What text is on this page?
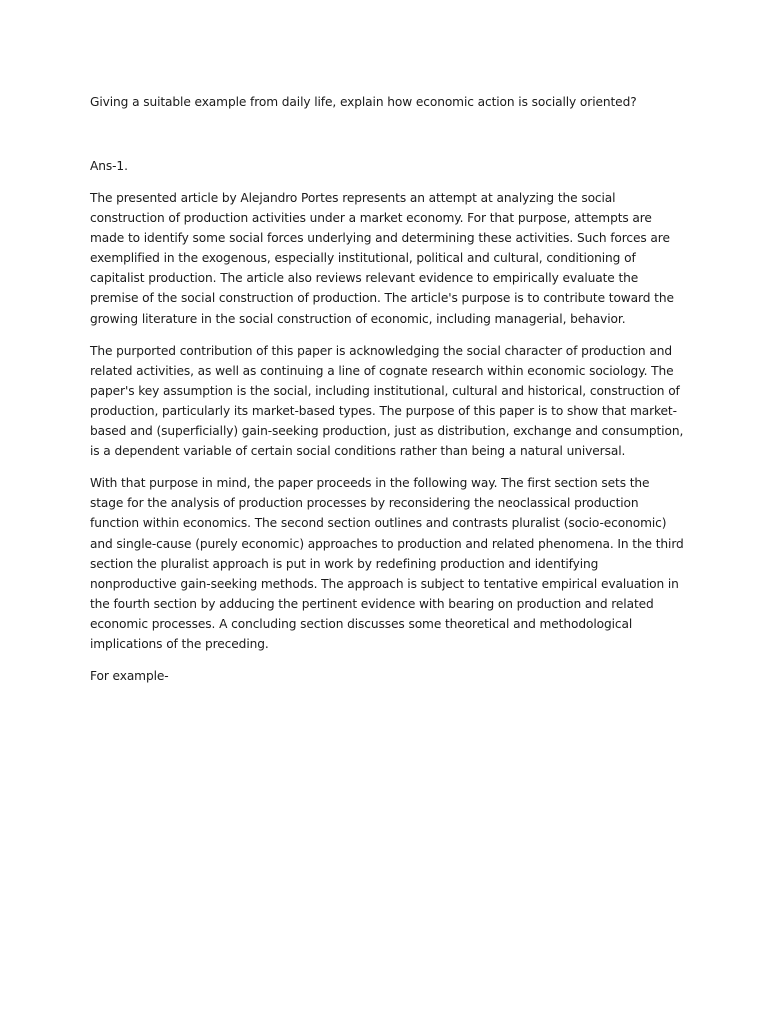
Giving a suitable example from daily life, explain how economic action is socially oriented?

Ans-1.

The presented article by Alejandro Portes represents an attempt at analyzing the social construction of production activities under a market economy. For that purpose, attempts are made to identify some social forces underlying and determining these activities. Such forces are exemplified in the exogenous, especially institutional, political and cultural, conditioning of capitalist production. The article also reviews relevant evidence to empirically evaluate the premise of the social construction of production. The article's purpose is to contribute toward the growing literature in the social construction of economic, including managerial, behavior.

The purported contribution of this paper is acknowledging the social character of production and related activities, as well as continuing a line of cognate research within economic sociology. The paper's key assumption is the social, including institutional, cultural and historical, construction of production, particularly its market-based types. The purpose of this paper is to show that market-based and (superficially) gain-seeking production, just as distribution, exchange and consumption, is a dependent variable of certain social conditions rather than being a natural universal.

With that purpose in mind, the paper proceeds in the following way. The first section sets the stage for the analysis of production processes by reconsidering the neoclassical production function within economics. The second section outlines and contrasts pluralist (socio-economic) and single-cause (purely economic) approaches to production and related phenomena. In the third section the pluralist approach is put in work by redefining production and identifying nonproductive gain-seeking methods. The approach is subject to tentative empirical evaluation in the fourth section by adducing the pertinent evidence with bearing on production and related economic processes. A concluding section discusses some theoretical and methodological implications of the preceding.

For example-
